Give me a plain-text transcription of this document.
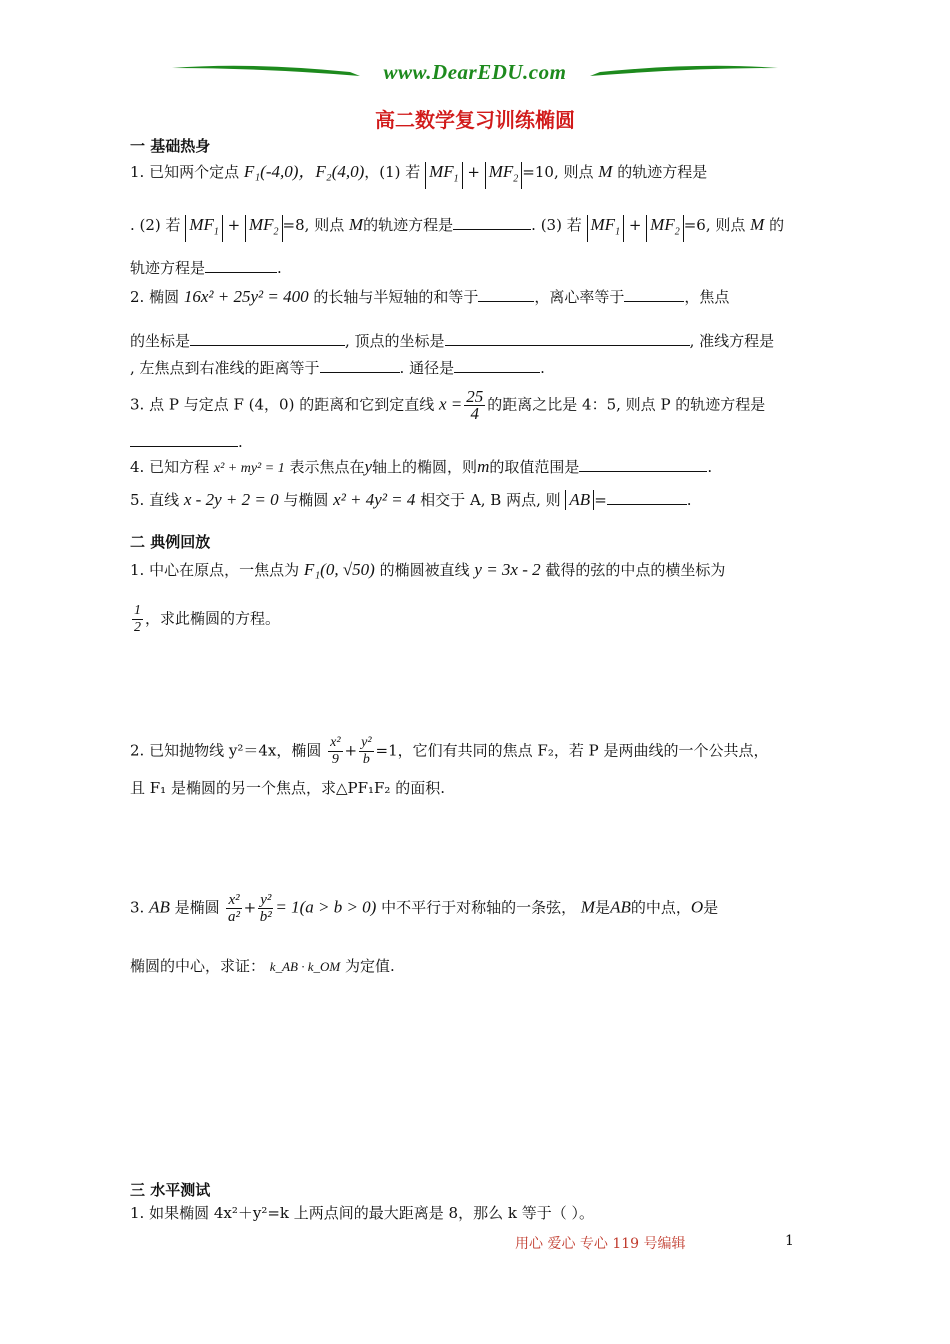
www.DearEDU.com
高二数学复习训练椭圆
一 基础热身
1. 已知两个定点 F₁(-4,0)，F₂(4,0)，(1) 若 $MF_1 + MF_2 =10$, 则点 M 的轨迹方程是
. (2) 若 $MF_1 + MF_2 =8$, 则点 M的轨迹方程是	. (3) 若 $MF_1 + MF_2 =6$, 则点 M 的
轨迹方程是	.
2. 椭圆 16x² + 25y² = 400 的长轴与半短轴的和等于	，离心率等于	，焦点
的坐标是	, 顶点的坐标是	, 准线方程是
, 左焦点到右准线的距离等于	. 通径是	.
3. 点 P 与定点 F (4，0) 的距离和它到定直线 $x = \frac{25}{4}$ 的距离之比是 4：5, 则点 P 的轨迹方程是
.
4. 已知方程 x² + my² = 1 表示焦点在y轴上的椭圆，则m的取值范围是	.
5. 直线 x - 2y + 2 = 0 与椭圆 x² + 4y² = 4 相交于 A, B 两点, 则 AB =	.
二 典例回放
1. 中心在原点，一焦点为 F₁(0, √50) 的椭圆被直线 y = 3x - 2 截得的弦的中点的横坐标为
$\frac{1}{2}$ ，求此椭圆的方程。
2. 已知抛物线 y²＝4x，椭圆 $\frac{\text{x²}}{9} + \frac{\text{y²}}{b} =1$，它们有共同的焦点 F₂，若 P 是两曲线的一个公共点，
且 F₁ 是椭圆的另一个焦点，求△PF₁F₂ 的面积.
3. AB 是椭圆 $\frac{\text{x²}}{\text{a²}} + \frac{\text{y²}}{\text{b²}} = 1(a > b > 0)$ 中不平行于对称轴的一条弦， M是AB的中点，O是
椭圆的中心，求证： k_AB · k_OM 为定值.
三 水平测试
1. 如果椭圆 4x²＋y²=k 上两点间的最大距离是 8，那么 k 等于（ ）。
用心 爱心 专心 119 号编辑	1
